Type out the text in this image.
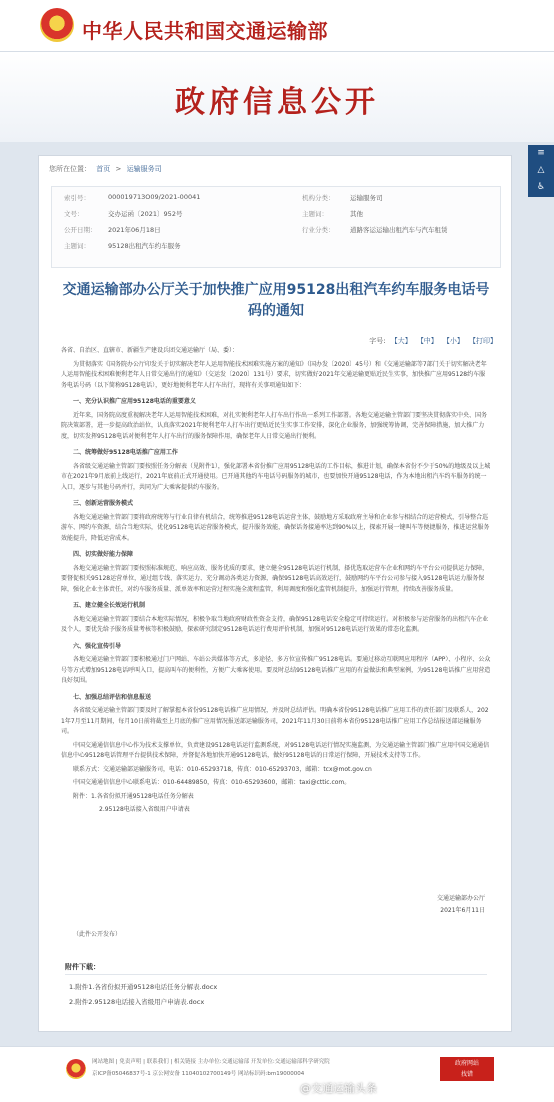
中华人民共和国交通运输部
政府信息公开
≡
△
♿
您所在位置： 首页 > 运输服务司
索引号：	000019713O09/2021-00041	机构分类：	运输服务司
文号：	交办运函〔2021〕952号	主题词：	其他
公开日期：	2021年06月18日	行业分类：	道路客运运输出租汽车与汽车租赁
主题词：	95128出租汽车约车服务
交通运输部办公厅关于加快推广应用95128出租汽车约车服务电话号码的通知
字号: 【大】 【中】 【小】 【打印】

各省、自治区、直辖市、新疆生产建设兵团交通运输厅（局、委）：

为贯彻落实《国务院办公厅印发关于切实解决老年人运用智能技术困难实施方案的通知》（国办发〔2020〕45号）和《交通运输部等7部门关于切实解决老年人运用智能技术困难便利老年人日常交通出行的通知》（交运发〔2020〕131号）要求，切实做好2021年交通运输更贴近民生实事，加快推广应用95128约车服务电话号码（以下简称95128电话），更好地便利老年人打车出行，现将有关事项通知如下：

一、充分认识推广应用95128电话的重要意义

近年来，国务院高度重视解决老年人运用智能技术困难，对扎实便利老年人打车出行作出一系列工作部署。各地交通运输主管部门要坚决贯彻落实中央、国务院决策部署，进一步提高政治站位，认真落实2021年便利老年人打车出行更贴近民生实事工作安排，深化企业服务，加强统筹协调，完善保障措施，加大推广力度，切实发挥95128电话对便利老年人打车出行的服务保障作用，确保老年人日常交通出行便利。

二、统筹做好95128电话推广应用工作

各省级交通运输主管部门要按照任务分解表（见附件1），强化部署本省份推广应用95128电话的工作目标，推进计划，确保本省份不少于50%的地级及以上城市在2021年9月底前上线运行，2021年底前正式开通使用。已开通其他约车电话号码服务的城市，也要加快开通95128电话，作为本地出租汽车约车服务的统一入口，逐步与其他号码并行，共同为广大乘客提供约车服务。

三、创新运营服务模式

各地交通运输主管部门要将政府统筹与行业自律有机结合，统筹推进95128电话运营主体，鼓励地方采取政府主导和企业参与相结合的运营模式，引导整合巡游车、网约车资源，结合当地实际，优化95128电话运营服务模式，提升服务效能，确保话务接通率达到90%以上，探索开展一键叫车等便捷服务，推进运营服务效能提升，降低运营成本。

四、切实做好能力保障

各地交通运输主管部门要按照标准规范、响应高效、服务优质的要求，建立健全95128电话运行机制，择优选取运营车企业和网约车平台公司提供运力保障，要督促相关95128运营单位，通过组专线、落实运力、充分调动各类运力资源，确保95128电话高效运行，鼓励网约车平台公司参与接入95128电话运力服务保障，强化企业主体责任，对约车服务质量、派单效率和运营过程实施全流程监管，利用调度和强化监管机制提升，加强运行管理，持续改善服务质量。

五、建立健全长效运行机制

各地交通运输主管部门要结合本地实际情况，积极争取当地政府财政性资金支持，确保95128电话安全稳定可持续运行。对积极参与运营服务的出租汽车企业及个人，要优先给予服务质量考核等积极鼓励，探索研究制定95128电话运行费用评价机制，加强对95128电话运行效果的常态化监测。

六、强化宣传引导

各地交通运输主管部门要积极通过门户网站、车站公共媒体等方式，多途径、多方位宣传推广95128电话。要通过移动互联网应用程序（APP）、小程序、公众号等方式增加95128电话呼叫入口，提高叫车的便利性，方便广大乘客使用。要及时总结95128电话推广应用的有益做法和典型案例，为95128电话推广应用营造良好氛围。

七、加强总结评估和信息报送

各省级交通运输主管部门要及时了解掌握本省份95128电话推广应用情况，并及时总结评估。明确本省份95128电话推广应用工作的责任部门及联系人，2021年7月至11月期间，每月10日前将截至上月底的推广应用情况报送部运输服务司，2021年11月30日前将本省份95128电话推广应用工作总结报送部运输服务司。

中国交通通信信息中心作为技术支撑单位，负责建设95128电话运行监测系统，对95128电话运行情况实施监测，为交通运输主管部门推广应用中国交通通信信息中心95128电话管理平台提供技术保障，并督促各地加快开通95128电话，做好95128电话的日常运行保障，开展技术支持等工作。

联系方式：交通运输部运输服务司，电话：010-65293718，传真：010-65293703，邮箱：tcx@mot.gov.cn

中国交通通信信息中心联系电话：010-64489850，传真：010-65293600，邮箱：taxi@cttic.com。

附件：1.各省份拟开通95128电话任务分解表

2.95128电话接入省级用户申请表

交通运输部办公厅
2021年6月11日
（此件公开发布）
附件下载：
1.附件1.各省份拟开通95128电话任务分解表.docx
2.附件2.95128电话接入省级用户申请表.docx
网站地图 | 免责声明 | 联系我们 | 相关链接 主办单位:交通运输部 开发单位:交通运输部科学研究院
京ICP备05046837号-1 京公网安备 11040102700149号 网站标识码:bm19000004
政府网站
找错
@交通运输头条
